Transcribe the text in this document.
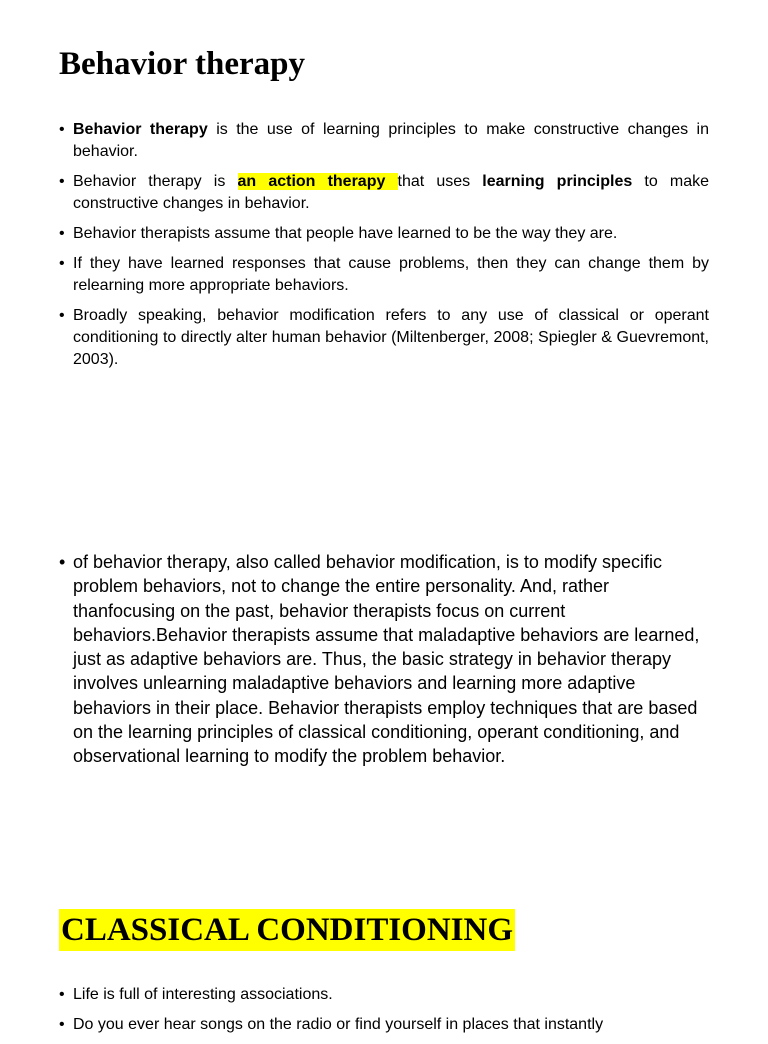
Behavior therapy
• Behavior therapy is the use of learning principles to make constructive changes in behavior.
• Behavior therapy is an action therapy that uses learning principles to make constructive changes in behavior.
• Behavior therapists assume that people have learned to be the way they are.
• If they have learned responses that cause problems, then they can change them by relearning more appropriate behaviors.
• Broadly speaking, behavior modification refers to any use of classical or operant conditioning to directly alter human behavior (Miltenberger, 2008; Spiegler & Guevremont, 2003).
• of behavior therapy, also called behavior modification, is to modify specific problem behaviors, not to change the entire personality. And, rather thanfocusing on the past, behavior therapists focus on current behaviors.Behavior therapists assume that maladaptive behaviors are learned, just as adaptive behaviors are. Thus, the basic strategy in behavior therapy involves unlearning maladaptive behaviors and learning more adaptive behaviors in their place. Behavior therapists employ techniques that are based on the learning principles of classical conditioning, operant conditioning, and observational learning to modify the problem behavior.
CLASSICAL CONDITIONING
• Life is full of interesting associations.
• Do you ever hear songs on the radio or find yourself in places that instantly
